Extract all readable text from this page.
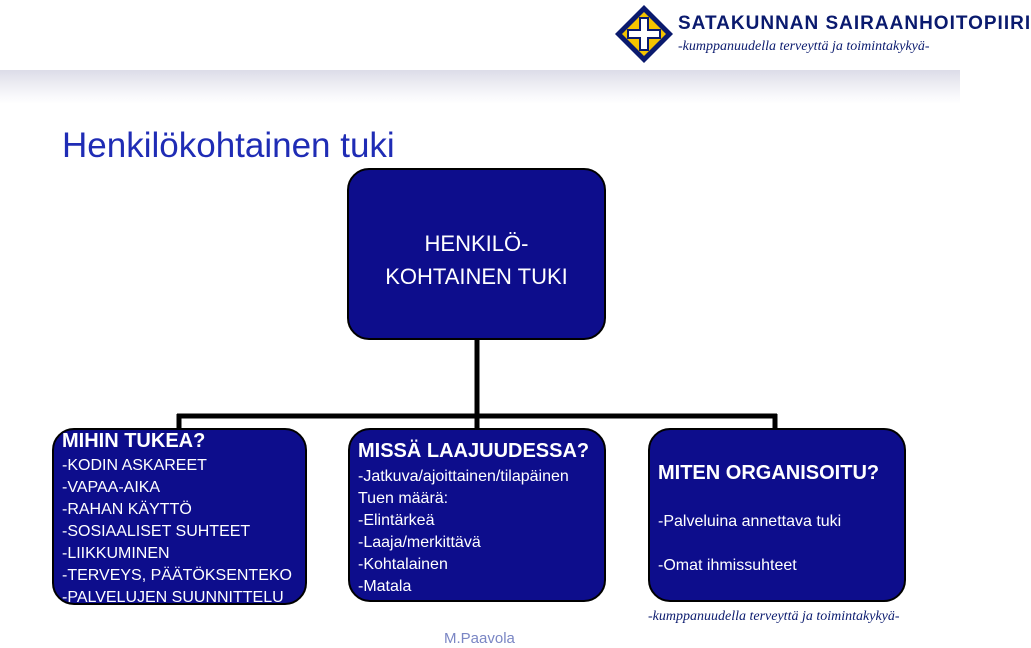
SATAKUNNAN SAIRAANHOITOPIIRI
-kumppanuudella terveyttä ja toimintakykyä-
Henkilökohtainen tuki
HENKILÖ-
KOHTAINEN TUKI
MIHIN TUKEA?
-KODIN ASKAREET
-VAPAA-AIKA
-RAHAN KÄYTTÖ
-SOSIAALISET SUHTEET
-LIIKKUMINEN
-TERVEYS, PÄÄTÖKSENTEKO
-PALVELUJEN SUUNNITTELU
MISSÄ LAAJUUDESSA?
-Jatkuva/ajoittainen/tilapäinen
Tuen määrä:
-Elintärkeä
-Laaja/merkittävä
-Kohtalainen
-Matala
MITEN ORGANISOITU?
-Palveluina annettava tuki
-Omat ihmissuhteet
-kumppanuudella terveyttä ja toimintakykyä-
M.Paavola
